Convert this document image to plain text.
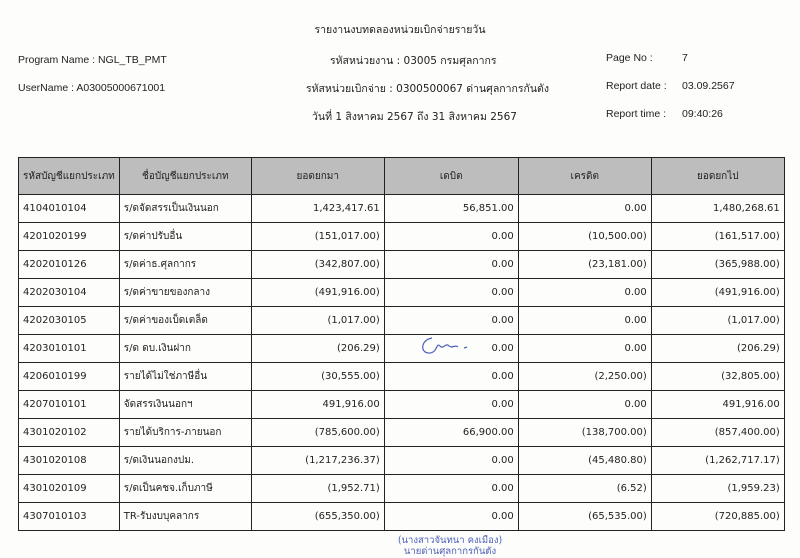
รายงานงบทดลองหน่วยเบิกจ่ายรายวัน
Program Name : NGL_TB_PMT
UserName : A03005000671001
รหัสหน่วยงาน : 03005 กรมศุลกากร
รหัสหน่วยเบิกจ่าย : 0300500067 ด่านศุลกากรกันตัง
วันที่ 1 สิงหาคม 2567 ถึง 31 สิงหาคม 2567
Page No :	7
Report date : 03.09.2567
Report time : 09:40:26
รหัสบัญชีแยกประเภท	ชื่อบัญชีแยกประเภท	ยอดยกมา	เดบิต	เครดิต	ยอดยกไป
4104010104	ร/ดจัดสรรเป็นเงินนอก	1,423,417.61	56,851.00	0.00	1,480,268.61
4201020199	ร/ดค่าปรับอื่น	(151,017.00)	0.00	(10,500.00)	(161,517.00)
4202010126	ร/ดค่าธ.ศุลกากร	(342,807.00)	0.00	(23,181.00)	(365,988.00)
4202030104	ร/ดค่าขายของกลาง	(491,916.00)	0.00	0.00	(491,916.00)
4202030105	ร/ดค่าของเบ็ดเตล็ด	(1,017.00)	0.00	0.00	(1,017.00)
4203010101	ร/ด ดบ.เงินฝาก	(206.29)	0.00	0.00	(206.29)
4206010199	รายได้ไม่ใช่ภาษีอื่น	(30,555.00)	0.00	(2,250.00)	(32,805.00)
4207010101	จัดสรรเงินนอกฯ	491,916.00	0.00	0.00	491,916.00
4301020102	รายได้บริการ-ภายนอก	(785,600.00)	66,900.00	(138,700.00)	(857,400.00)
4301020108	ร/ดเงินนอกงปม.	(1,217,236.37)	0.00	(45,480.80)	(1,262,717.17)
4301020109	ร/ดเป็นคชจ.เก็บภาษี	(1,952.71)	0.00	(6.52)	(1,959.23)
4307010103	TR-รับงบบุคลากร	(655,350.00)	0.00	(65,535.00)	(720,885.00)
(นางสาวจันทนา คงเมือง)
นายด่านศุลกากรกันตัง
